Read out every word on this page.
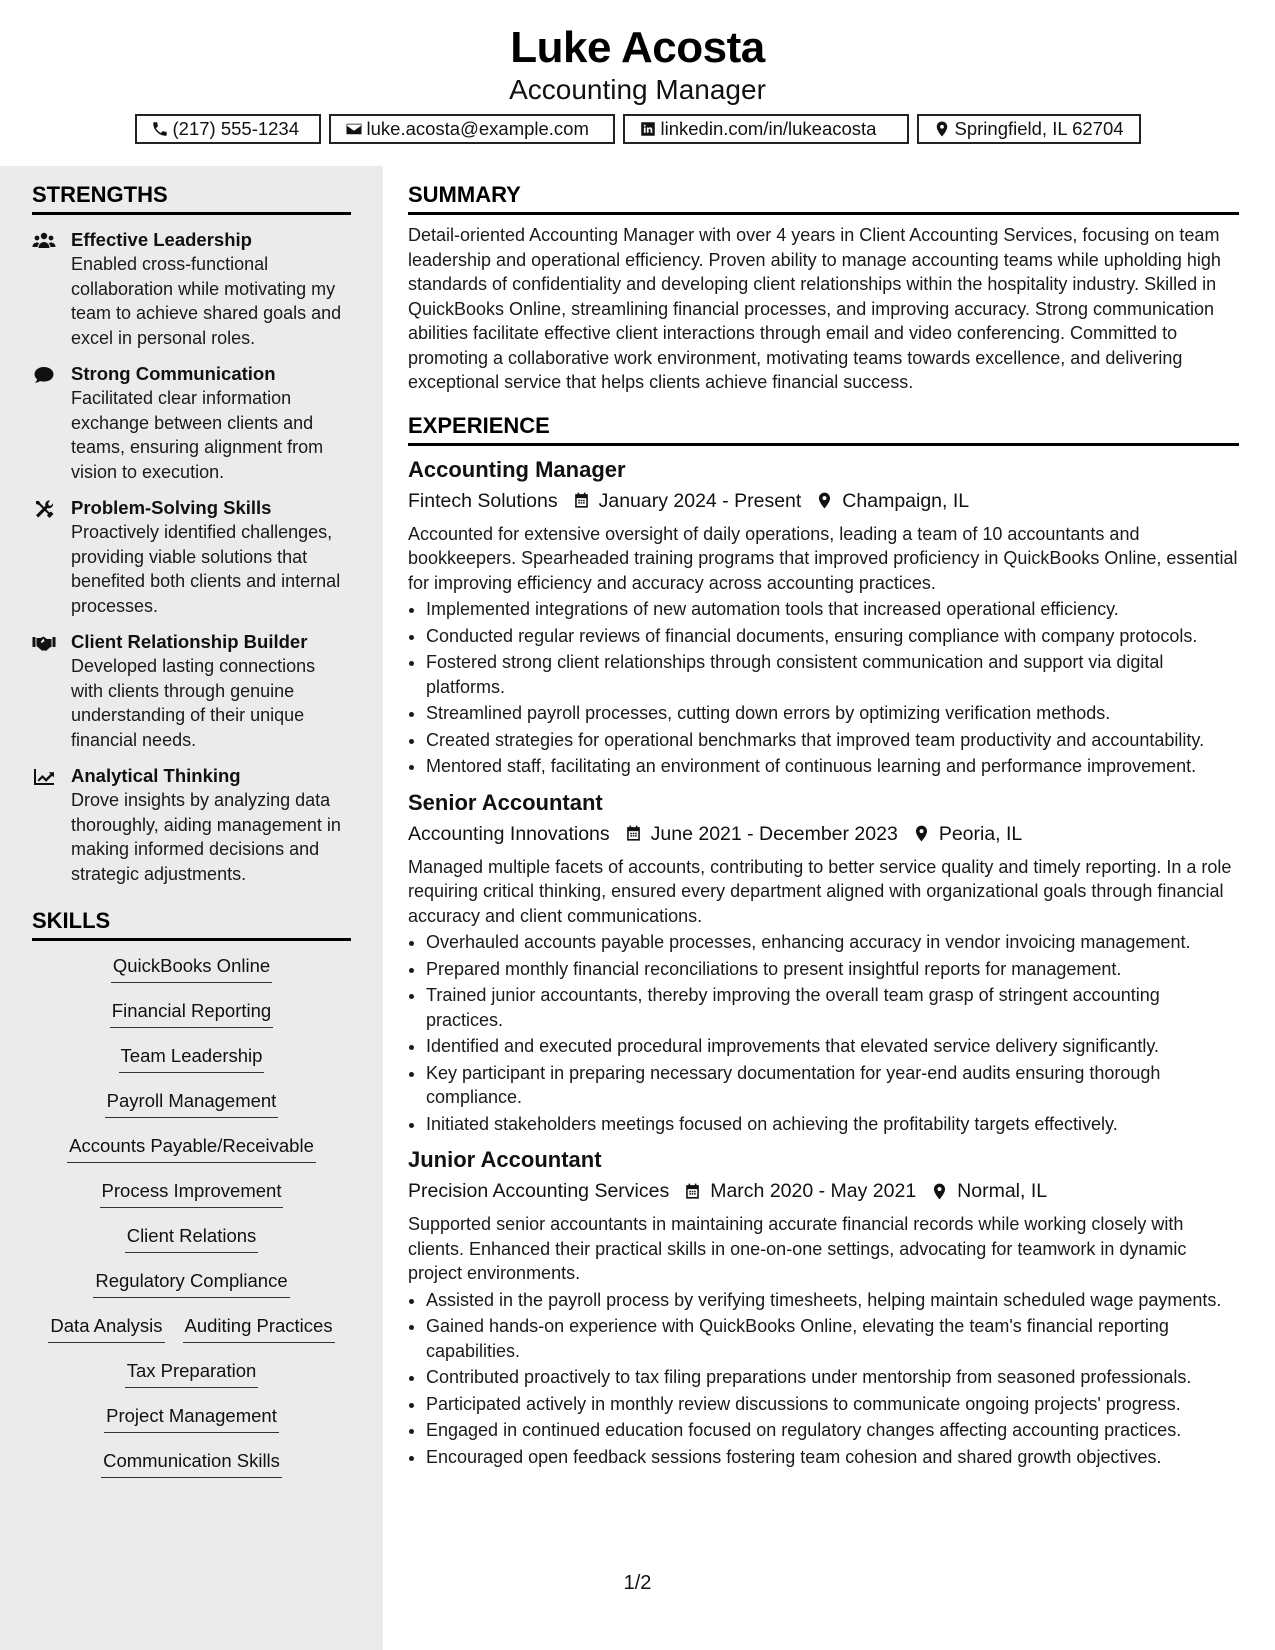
Luke Acosta
Accounting Manager
(217) 555-1234	luke.acosta@example.com	linkedin.com/in/lukeacosta	Springfield, IL 62704
STRENGTHS
Effective Leadership
Enabled cross-functional collaboration while motivating my team to achieve shared goals and excel in personal roles.
Strong Communication
Facilitated clear information exchange between clients and teams, ensuring alignment from vision to execution.
Problem-Solving Skills
Proactively identified challenges, providing viable solutions that benefited both clients and internal processes.
Client Relationship Builder
Developed lasting connections with clients through genuine understanding of their unique financial needs.
Analytical Thinking
Drove insights by analyzing data thoroughly, aiding management in making informed decisions and strategic adjustments.
SKILLS
QuickBooks Online
Financial Reporting
Team Leadership
Payroll Management
Accounts Payable/Receivable
Process Improvement
Client Relations
Regulatory Compliance
Data Analysis Auditing Practices
Tax Preparation
Project Management
Communication Skills
SUMMARY
Detail-oriented Accounting Manager with over 4 years in Client Accounting Services, focusing on team leadership and operational efficiency. Proven ability to manage accounting teams while upholding high standards of confidentiality and developing client relationships within the hospitality industry. Skilled in QuickBooks Online, streamlining financial processes, and improving accuracy. Strong communication abilities facilitate effective client interactions through email and video conferencing. Committed to promoting a collaborative work environment, motivating teams towards excellence, and delivering exceptional service that helps clients achieve financial success.
EXPERIENCE
Accounting Manager
Fintech Solutions January 2024 - Present Champaign, IL
Accounted for extensive oversight of daily operations, leading a team of 10 accountants and bookkeepers. Spearheaded training programs that improved proficiency in QuickBooks Online, essential for improving efficiency and accuracy across accounting practices.
• Implemented integrations of new automation tools that increased operational efficiency.
• Conducted regular reviews of financial documents, ensuring compliance with company protocols.
• Fostered strong client relationships through consistent communication and support via digital platforms.
• Streamlined payroll processes, cutting down errors by optimizing verification methods.
• Created strategies for operational benchmarks that improved team productivity and accountability.
• Mentored staff, facilitating an environment of continuous learning and performance improvement.
Senior Accountant
Accounting Innovations June 2021 - December 2023 Peoria, IL
Managed multiple facets of accounts, contributing to better service quality and timely reporting. In a role requiring critical thinking, ensured every department aligned with organizational goals through financial accuracy and client communications.
• Overhauled accounts payable processes, enhancing accuracy in vendor invoicing management.
• Prepared monthly financial reconciliations to present insightful reports for management.
• Trained junior accountants, thereby improving the overall team grasp of stringent accounting practices.
• Identified and executed procedural improvements that elevated service delivery significantly.
• Key participant in preparing necessary documentation for year-end audits ensuring thorough compliance.
• Initiated stakeholders meetings focused on achieving the profitability targets effectively.
Junior Accountant
Precision Accounting Services March 2020 - May 2021 Normal, IL
Supported senior accountants in maintaining accurate financial records while working closely with clients. Enhanced their practical skills in one-on-one settings, advocating for teamwork in dynamic project environments.
• Assisted in the payroll process by verifying timesheets, helping maintain scheduled wage payments.
• Gained hands-on experience with QuickBooks Online, elevating the team's financial reporting capabilities.
• Contributed proactively to tax filing preparations under mentorship from seasoned professionals.
• Participated actively in monthly review discussions to communicate ongoing projects' progress.
• Engaged in continued education focused on regulatory changes affecting accounting practices.
• Encouraged open feedback sessions fostering team cohesion and shared growth objectives.
1/2
